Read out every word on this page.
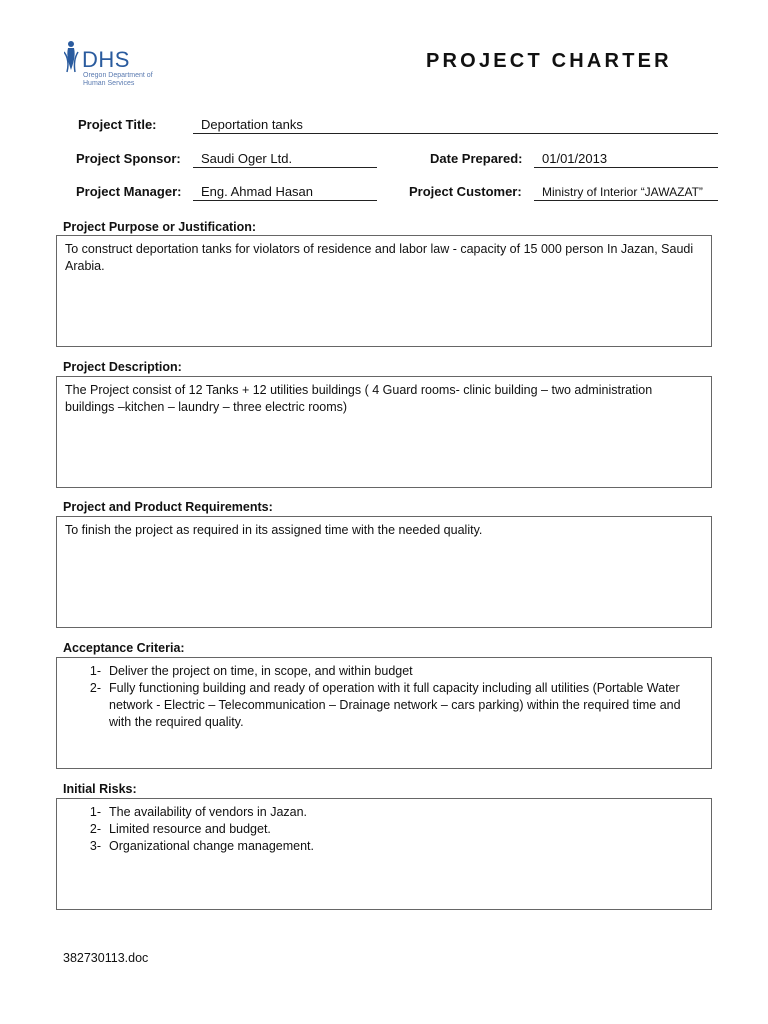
DHS
Oregon Department of Human Services
PROJECT CHARTER
Project Title:	Deportation tanks
Project Sponsor:	Saudi Oger Ltd.	Date Prepared:	01/01/2013
Project Manager:	Eng. Ahmad Hasan	Project Customer:	Ministry of Interior “JAWAZAT”
Project Purpose or Justification:

To construct deportation tanks for violators of residence and labor law - capacity of 15 000 person In Jazan, Saudi Arabia.

Project Description:

The Project consist of 12 Tanks + 12 utilities buildings ( 4 Guard rooms- clinic building – two administration buildings –kitchen – laundry – three electric rooms)

Project and Product Requirements:

To finish the project as required in its assigned time with the needed quality.

Acceptance Criteria:
1- Deliver the project on time, in scope, and within budget
2- Fully functioning building and ready of operation with it full capacity including all utilities (Portable Water network - Electric – Telecommunication – Drainage network – cars parking) within the required time and with the required quality.
Initial Risks:
1- The availability of vendors in Jazan.
2- Limited resource and budget.
3- Organizational change management.
382730113.doc
